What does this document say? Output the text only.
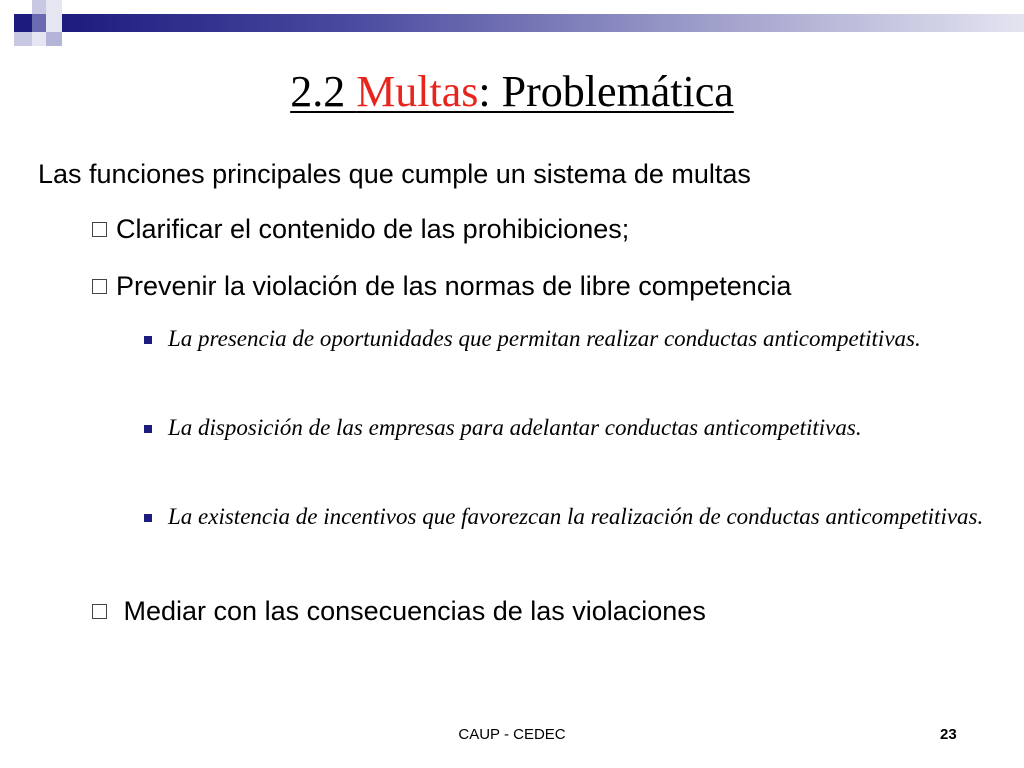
2.2 Multas: Problemática
Las funciones principales que cumple un sistema de multas
Clarificar el contenido de las prohibiciones;
Prevenir la violación de las normas de libre competencia
La presencia de oportunidades que permitan realizar conductas anticompetitivas.
La disposición de las empresas para adelantar conductas anticompetitivas.
La existencia de incentivos que favorezcan la realización de conductas anticompetitivas.
Mediar con las consecuencias de las violaciones
CAUP - CEDEC	23
